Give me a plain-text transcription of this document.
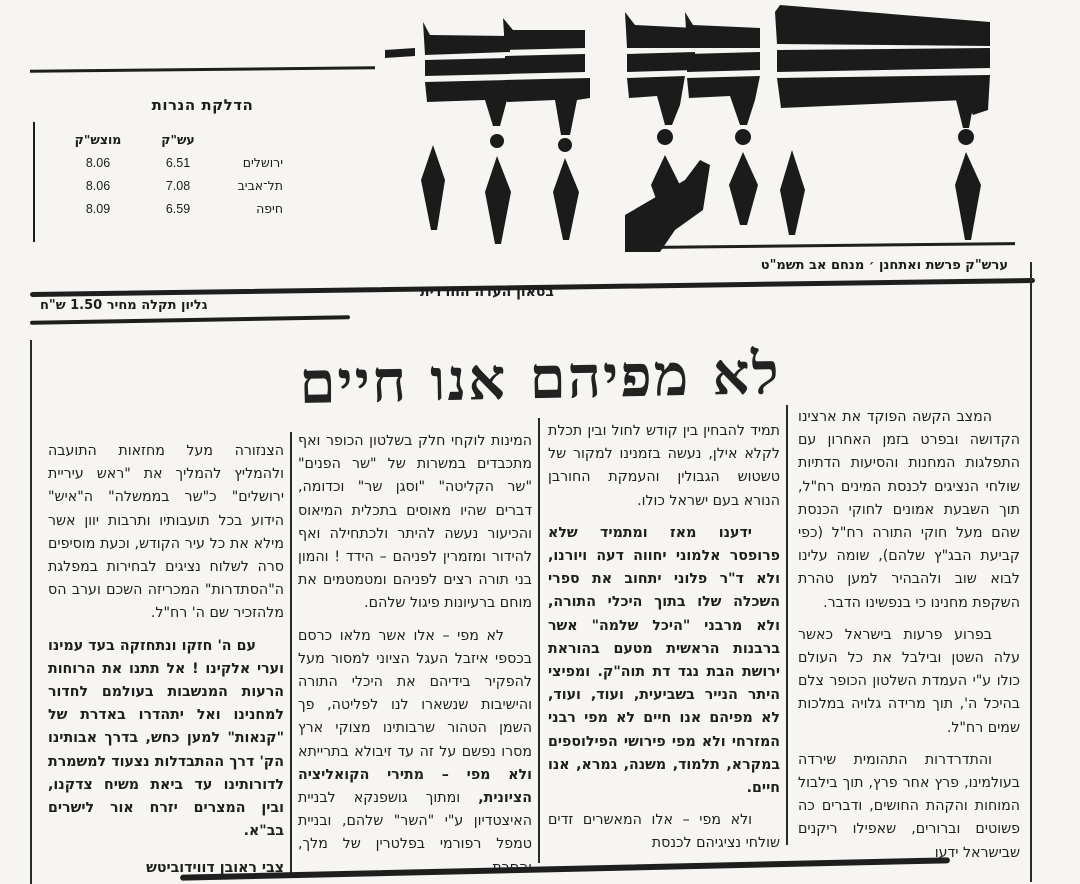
הדלקת הנרות
עש"ק
מוצש"ק
ירושלים
6.51
8.06
תל־אביב
7.08
8.06
חיפה
6.59
8.09
ערש"ק פרשת ואתחנן ׳ מנחם אב תשמ"ט
בטאון העדה החרדית
גליון תקלה מחיר 1.50 ש"ח
לא מפיהם אנו חיים	המצב הקשה הפוקד את ארצינו הקדושה ובפרט בזמן האחרון עם התפלגות המחנות והסיעות הדתיות שולחי הנציגים לכנסת המינים רח"ל, תוך השבעת אמונים לחוקי הכנסת שהם מעל חוקי התורה רח"ל (כפי קביעת הבג"ץ שלהם), שומה עלינו לבוא שוב ולהבהיר למען טהרת השקפת מחנינו כי בנפשינו הדבר.

בפרוע פרעות בישראל כאשר עלה השטן ובילבל את כל העולם כולו ע"י העמדת השלטון הכופר צלם בהיכל ה', תוך מרידה גלויה במלכות שמים רח"ל.

והתדרדרות התהומית שירדה בעולמינו, פרץ אחר פרץ, תוך בילבול המוחות והקהת החושים, ודברים כה פשוטים וברורים, שאפילו ריקנים שבישראל ידעו

תמיד להבחין בין קודש לחול ובין תכלת לקלא אילן, נעשה בזמנינו למקור של טשטוש הגבולין והעמקת החורבן הנורא בעם ישראל כולו.

ידענו מאז ומתמיד שלא פרופסר אלמוני יחווה דעה ויורנו, ולא ד"ר פלוני יתחוב את ספרי השכלה שלו בתוך היכלי התורה, ולא מרבני "היכל שלמה" אשר ברבנות הראשית מטעם בהוראת ירושת הבת נגד דת תוה"ק. ומפיצי היתר הנייר בשביעית, ועוד, ועוד, לא מפיהם אנו חיים לא מפי רבני המזרחי ולא מפי פירושי הפילוספים במקרא, תלמוד, משנה, גמרא, אנו חיים.

ולא מפי – אלו המאשרים זדים שולחי נציגיהם לכנסת

המינות לוקחי חלק בשלטון הכופר ואף מתכבדים במשרות של "שר הפנים" "שר הקליטה" "וסגן שר" וכדומה, דברים שהיו מאוסים בתכלית המיאוס והכיעור נעשה להיתר ולכתחילה ואף להידור ומזמרין לפניהם – הידד ! והמון בני תורה רצים לפניהם ומטמטמים את מוחם ברעיונות פיגול שלהם.

לא מפי – אלו אשר מלאו כרסם בכספי איזבל העגל הציוני למסור מעל להפקיר בידיהם את היכלי התורה והישיבות שנשארו לנו לפליטה, פך השמן הטהור שרבותינו מצוקי ארץ מסרו נפשם על זה עד זיבולא בתרייתא ולא מפי – מתירי הקואליציה הציונית, ומתוך גושפנקא לבניית האיצטדיון ע"י "השר" שלהם, ובניית טמפל רפורמי בפלטרין של מלך, והסרת

הצנזורה מעל מחזאות התועבה ולהמליץ להמליך את "ראש עיריית ירושלים" כ"שר בממשלה" ה"איש" הידוע בכל תועבותיו ותרבות יוון אשר מילא את כל עיר הקודש, וכעת מוסיפים סרה לשלוח נציגים לבחירות במפלגת ה"הסתדרות" המכריזה השכם וערב הס מלהזכיר שם ה' רח"ל.

עם ה' חזקו ונתחזקה בעד עמינו וערי אלקינו ! אל תתנו את הרוחות הרעות המנשבות בעולמם לחדור למחנינו ואל יתהדרו באדרת של "קנאות" למען כחש, בדרך אבותינו הק' דרך ההתבדלות נצעוד למשמרת לדורותינו עד ביאת משיח צדקנו, ובין המצרים יזרח אור לישרים בב"א.

צבי ראובן דווידוביטש
